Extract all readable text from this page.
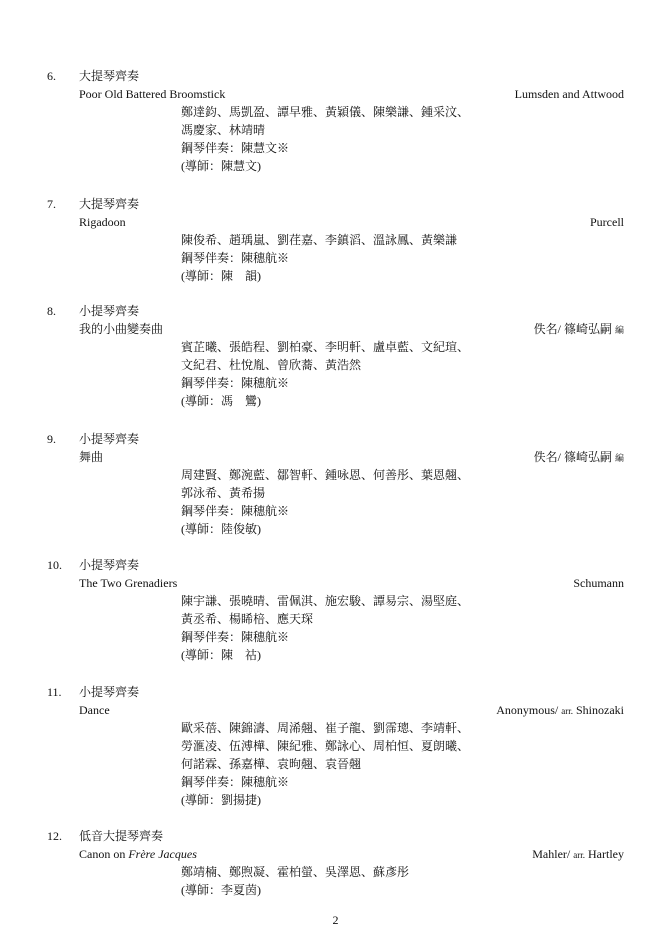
6. 大提琴齊奏
Poor Old Battered Broomstick	Lumsden and Attwood
鄭達鈞、馬凱盈、譚早雅、黃穎儀、陳樂謙、鍾采汶、
馮慶家、林靖晴
鋼琴伴奏：陳慧文※
(導師：陳慧文)
7. 大提琴齊奏
Rigadoon	Purcell
陳俊希、趙瑀嵐、劉荏嘉、李鎮滔、溫詠鳳、黃樂謙
鋼琴伴奏：陳穗航※
(導師：陳　韻)
8. 小提琴齊奏
我的小曲變奏曲	佚名/ 篠崎弘嗣 編
賓芷曦、張皓程、劉柏豪、李明軒、盧卓藍、文紀瑄、
文紀君、杜悅胤、曾欣蕎、黃浩然
鋼琴伴奏：陳穗航※
(導師：馮　鸞)
9. 小提琴齊奏
舞曲	佚名/ 篠崎弘嗣 編
周建賢、鄭涴藍、鄒智軒、鍾咏恩、何善彤、葉恩翹、
郭泳希、黃希揚
鋼琴伴奏：陳穗航※
(導師：陸俊敏)
10. 小提琴齊奏
The Two Grenadiers	Schumann
陳宇謙、張曉晴、雷佩淇、施宏駿、譚易宗、湯堅庭、
黃丞希、楊睎棓、應天琛
鋼琴伴奏：陳穗航※
(導師：陳　祜)
11. 小提琴齊奏
Dance	Anonymous/ arr. Shinozaki
歐采蓓、陳錦濤、周浠翹、崔子龍、劉霈璁、李靖軒、
勞滙凌、伍溥樺、陳紀雅、鄭詠心、周柏恒、夏朗曦、
何諾霖、孫嘉樺、袁昫翹、袁晉翹
鋼琴伴奏：陳穗航※
(導師：劉揚捷)
12. 低音大提琴齊奏
Canon on Frère Jacques	Mahler/ arr. Hartley
鄭靖楠、鄭煦凝、霍柏螢、吳澤恩、蘇彥彤
(導師：李夏茵)
2
